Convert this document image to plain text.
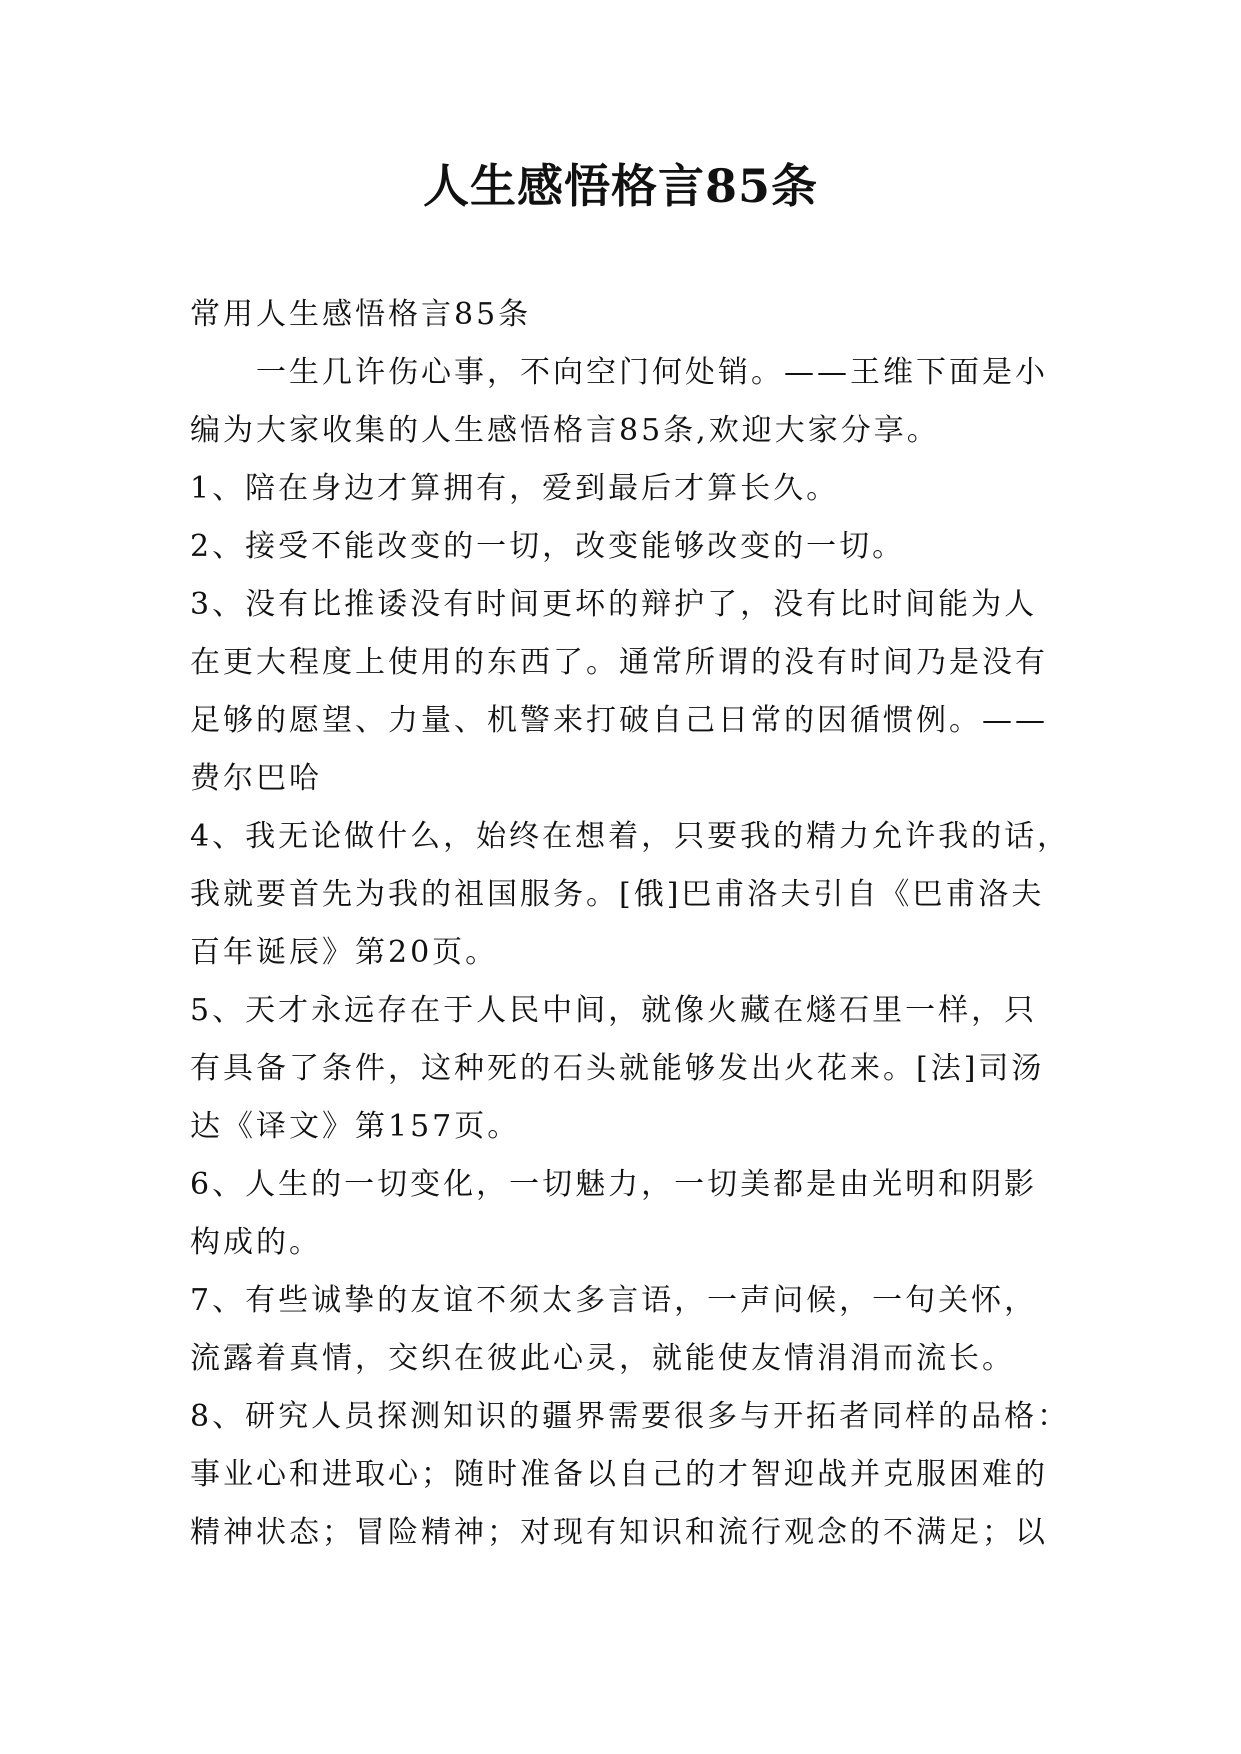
人生感悟格言85条
常用人生感悟格言85条
一生几许伤心事，不向空门何处销。——王维下面是小
编为大家收集的人生感悟格言85条,欢迎大家分享。
1、陪在身边才算拥有，爱到最后才算长久。
2、接受不能改变的一切，改变能够改变的一切。
3、没有比推诿没有时间更坏的辩护了，没有比时间能为人
在更大程度上使用的东西了。通常所谓的没有时间乃是没有
足够的愿望、力量、机警来打破自己日常的因循惯例。——
费尔巴哈
4、我无论做什么，始终在想着，只要我的精力允许我的话，
我就要首先为我的祖国服务。[俄]巴甫洛夫引自《巴甫洛夫
百年诞辰》第20页。
5、天才永远存在于人民中间，就像火藏在燧石里一样，只
有具备了条件，这种死的石头就能够发出火花来。[法]司汤
达《译文》第157页。
6、人生的一切变化，一切魅力，一切美都是由光明和阴影
构成的。
7、有些诚挚的友谊不须太多言语，一声问候，一句关怀，
流露着真情，交织在彼此心灵，就能使友情涓涓而流长。
8、研究人员探测知识的疆界需要很多与开拓者同样的品格：
事业心和进取心；随时准备以自己的才智迎战并克服困难的
精神状态；冒险精神；对现有知识和流行观念的不满足；以
